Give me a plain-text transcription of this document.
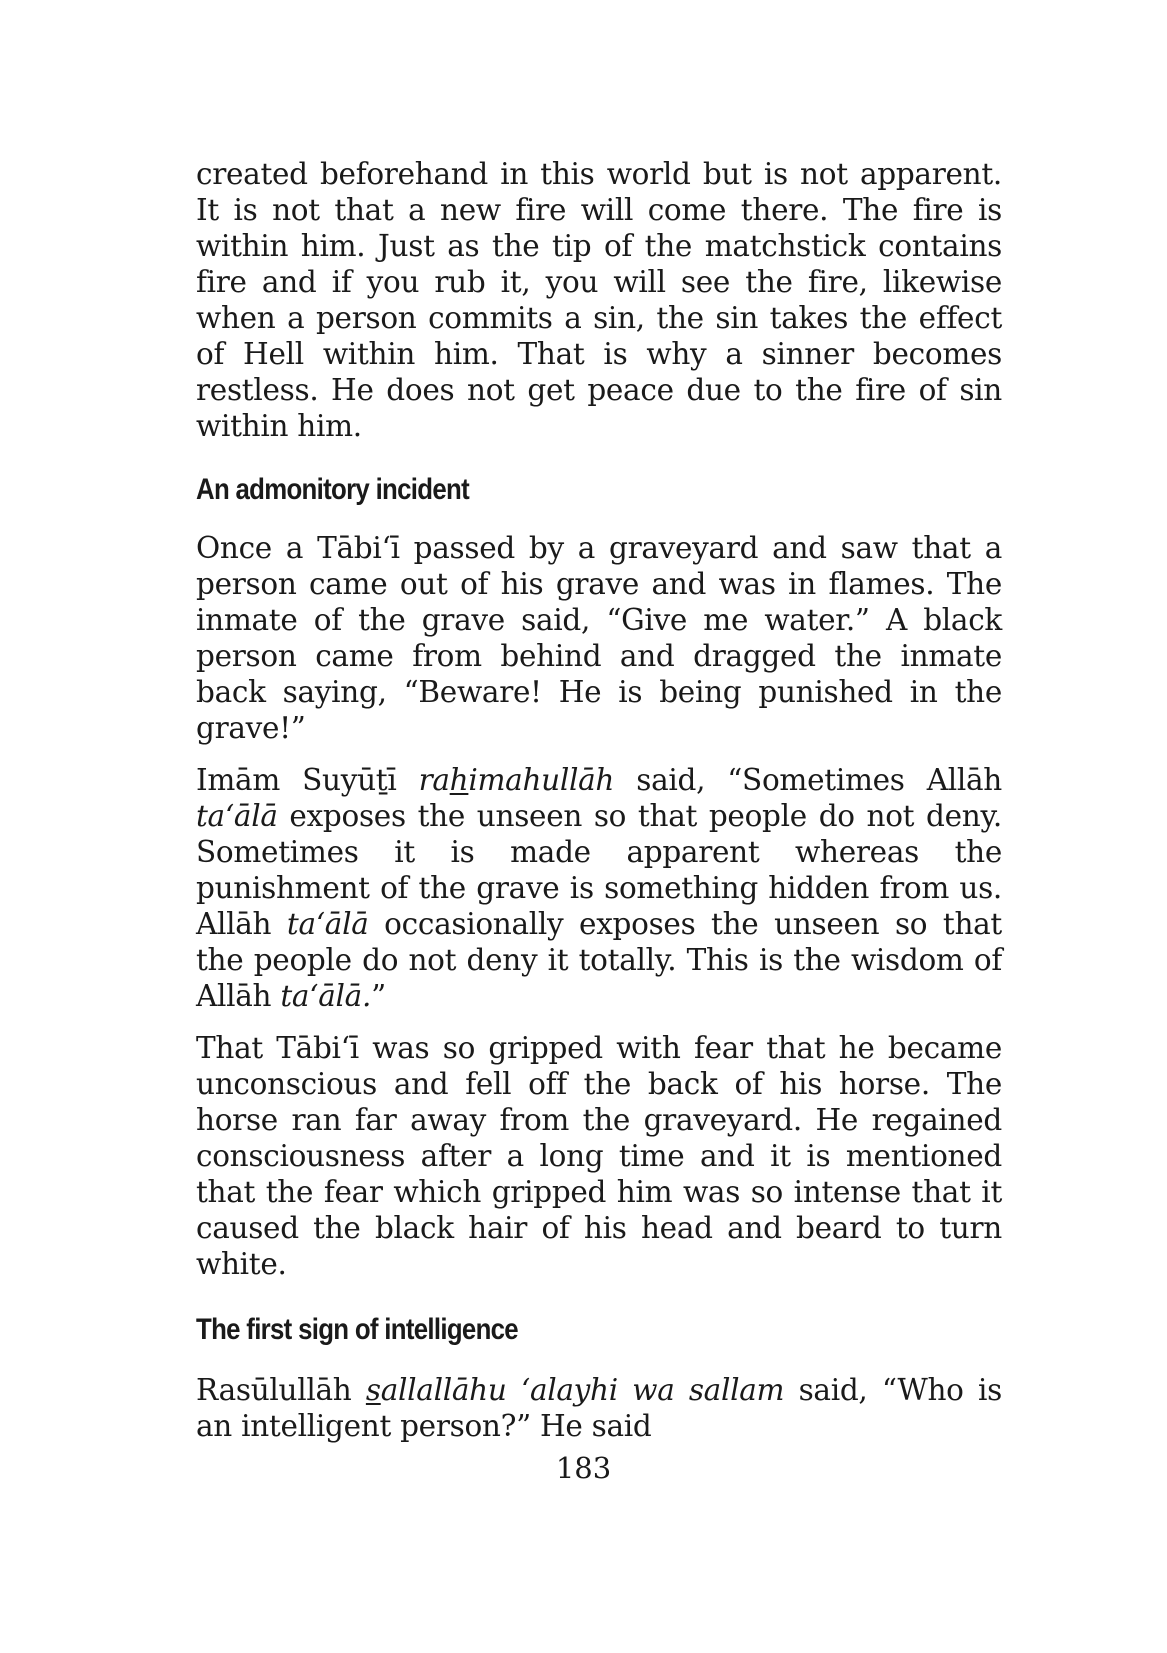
created beforehand in this world but is not apparent. It is not that a new fire will come there. The fire is within him. Just as the tip of the matchstick contains fire and if you rub it, you will see the fire, likewise when a person commits a sin, the sin takes the effect of Hell within him. That is why a sinner becomes restless. He does not get peace due to the fire of sin within him.

An admonitory incident

Once a Tābi‘ī passed by a graveyard and saw that a person came out of his grave and was in flames. The inmate of the grave said, “Give me water.” A black person came from behind and dragged the inmate back saying, “Beware! He is being punished in the grave!”

Imām Suyūṯī rahimahullāh said, “Sometimes Allāh ta‘ālā exposes the unseen so that people do not deny. Sometimes it is made apparent whereas the punishment of the grave is something hidden from us. Allāh ta‘ālā occasionally exposes the unseen so that the people do not deny it totally. This is the wisdom of Allāh ta‘ālā.”

That Tābi‘ī was so gripped with fear that he became unconscious and fell off the back of his horse. The horse ran far away from the graveyard. He regained consciousness after a long time and it is mentioned that the fear which gripped him was so intense that it caused the black hair of his head and beard to turn white.

The first sign of intelligence

Rasūlullāh sallallāhu ‘alayhi wa sallam said, “Who is an intelligent person?” He said

183
